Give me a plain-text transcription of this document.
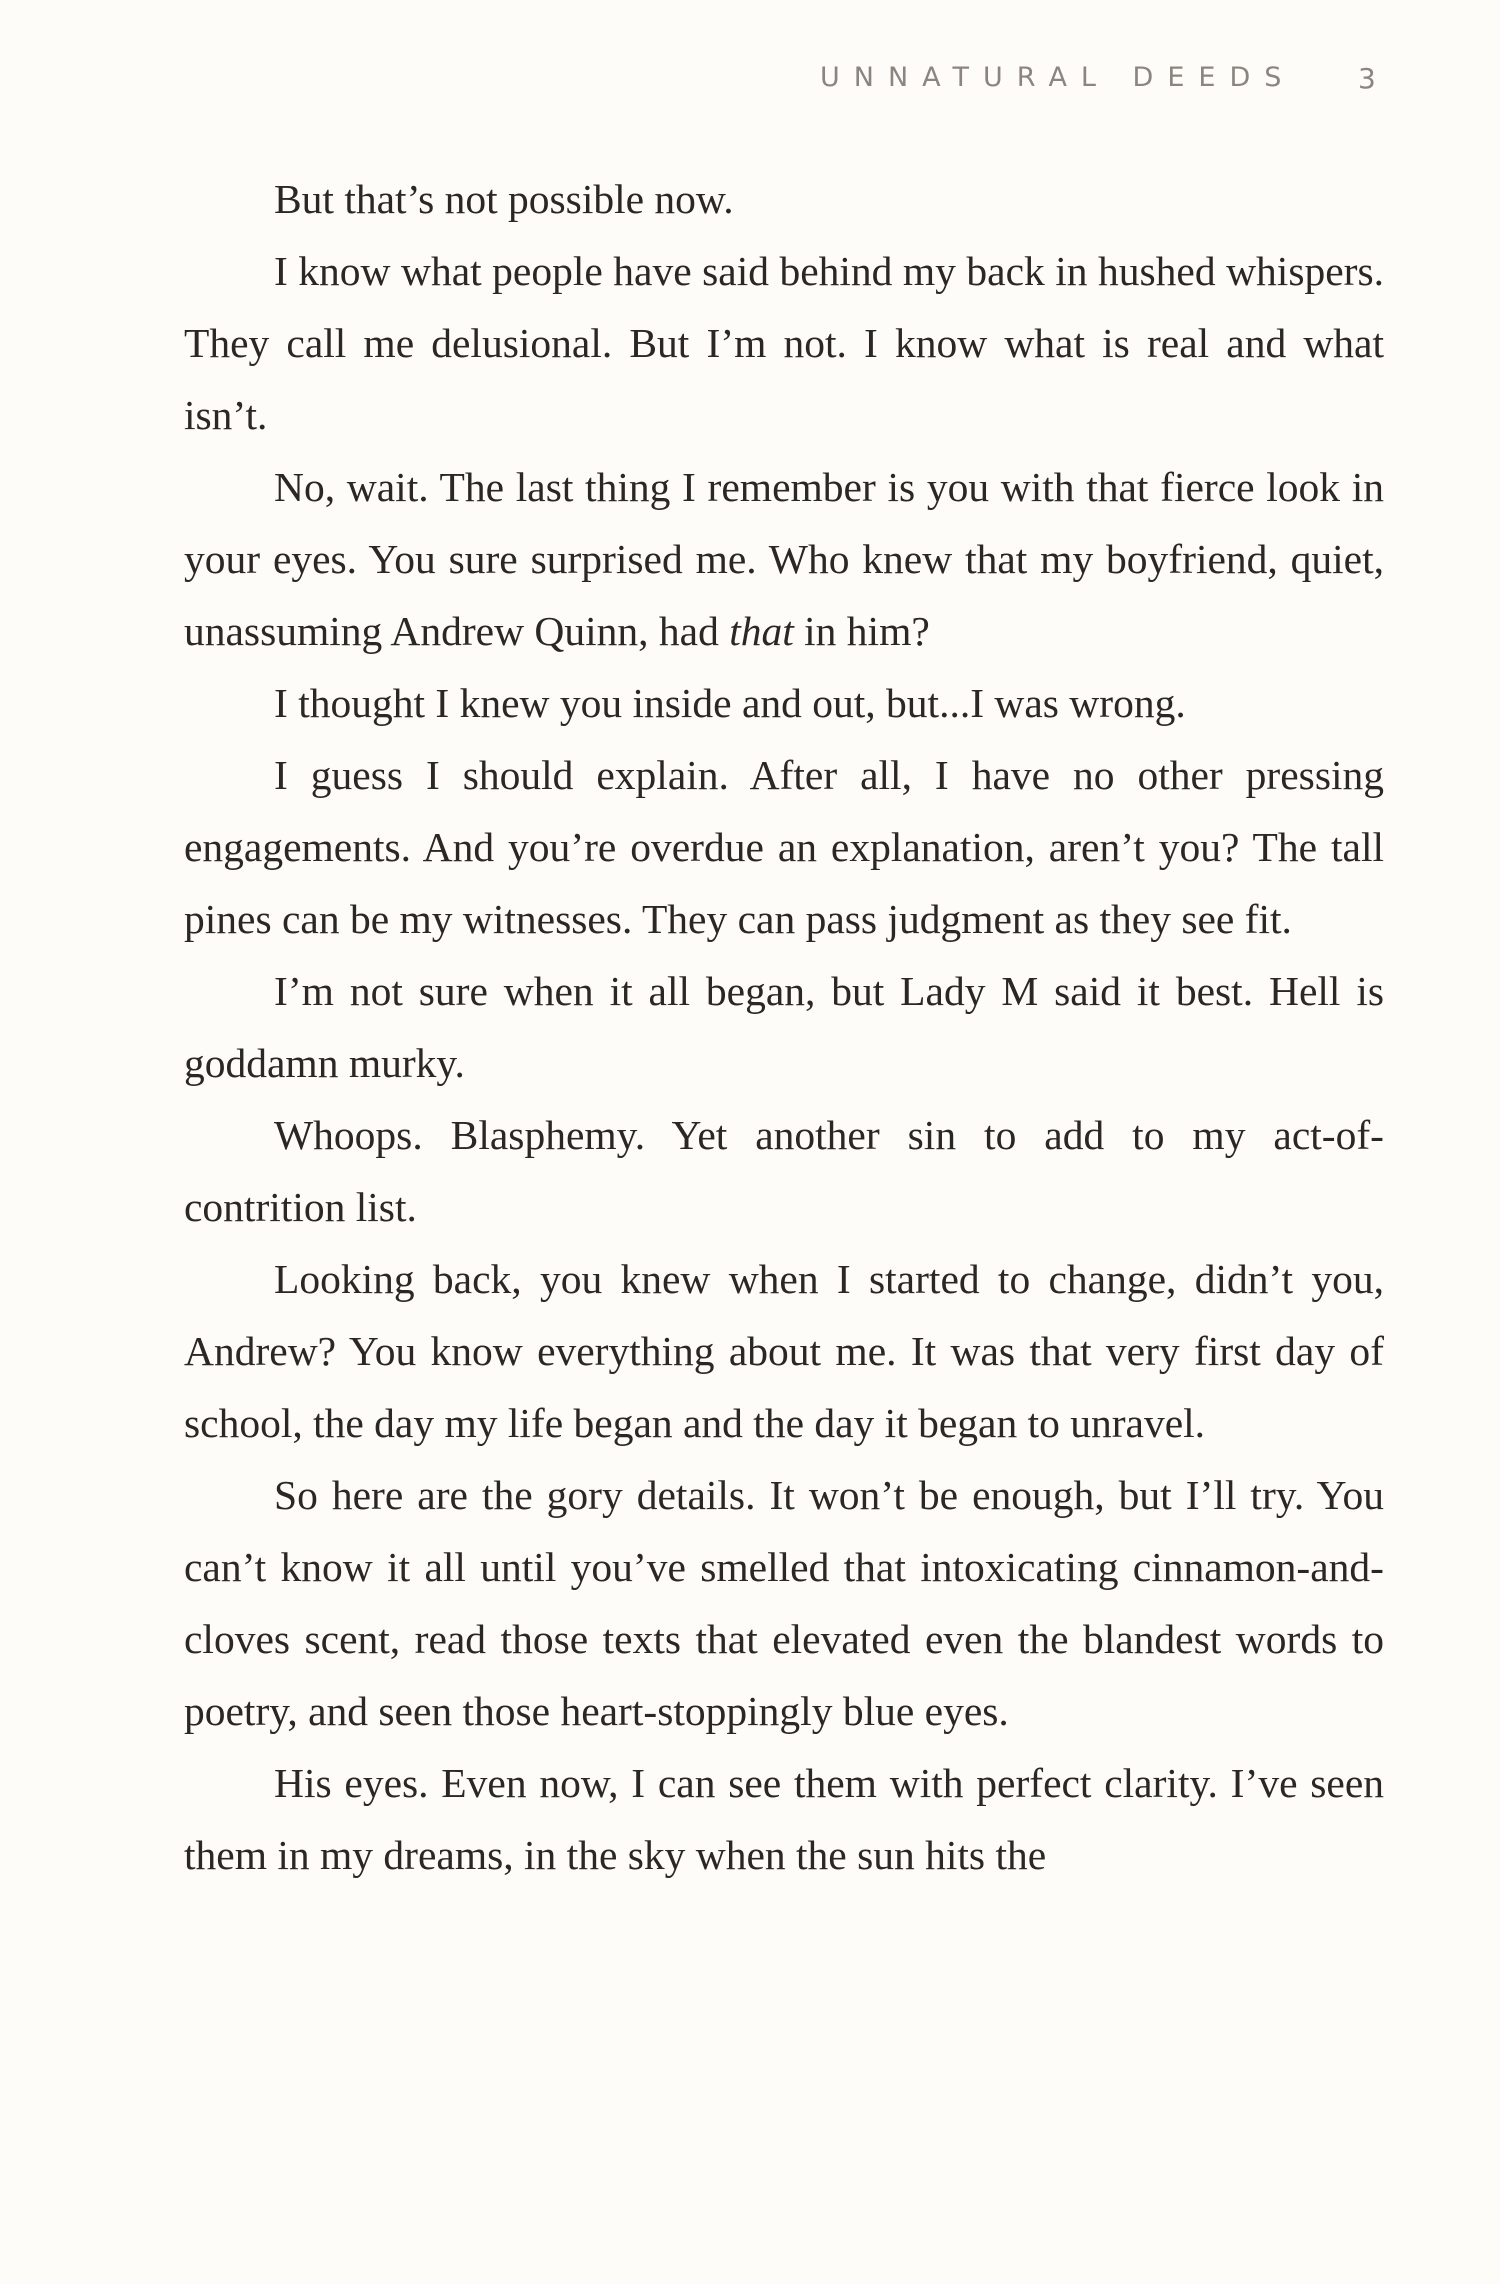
UNNATURAL DEEDS 3

But that’s not possible now.

I know what people have said behind my back in hushed whispers. They call me delusional. But I’m not. I know what is real and what isn’t.

No, wait. The last thing I remember is you with that fierce look in your eyes. You sure surprised me. Who knew that my boyfriend, quiet, unassuming Andrew Quinn, had that in him?

I thought I knew you inside and out, but...I was wrong.

I guess I should explain. After all, I have no other pressing engagements. And you’re overdue an explanation, aren’t you? The tall pines can be my witnesses. They can pass judgment as they see fit.

I’m not sure when it all began, but Lady M said it best. Hell is goddamn murky.

Whoops. Blasphemy. Yet another sin to add to my act-of-contrition list.

Looking back, you knew when I started to change, didn’t you, Andrew? You know everything about me. It was that very first day of school, the day my life began and the day it began to unravel.

So here are the gory details. It won’t be enough, but I’ll try. You can’t know it all until you’ve smelled that intoxicating cinnamon-and-cloves scent, read those texts that elevated even the blandest words to poetry, and seen those heart-stoppingly blue eyes.

His eyes. Even now, I can see them with perfect clarity. I’ve seen them in my dreams, in the sky when the sun hits the
